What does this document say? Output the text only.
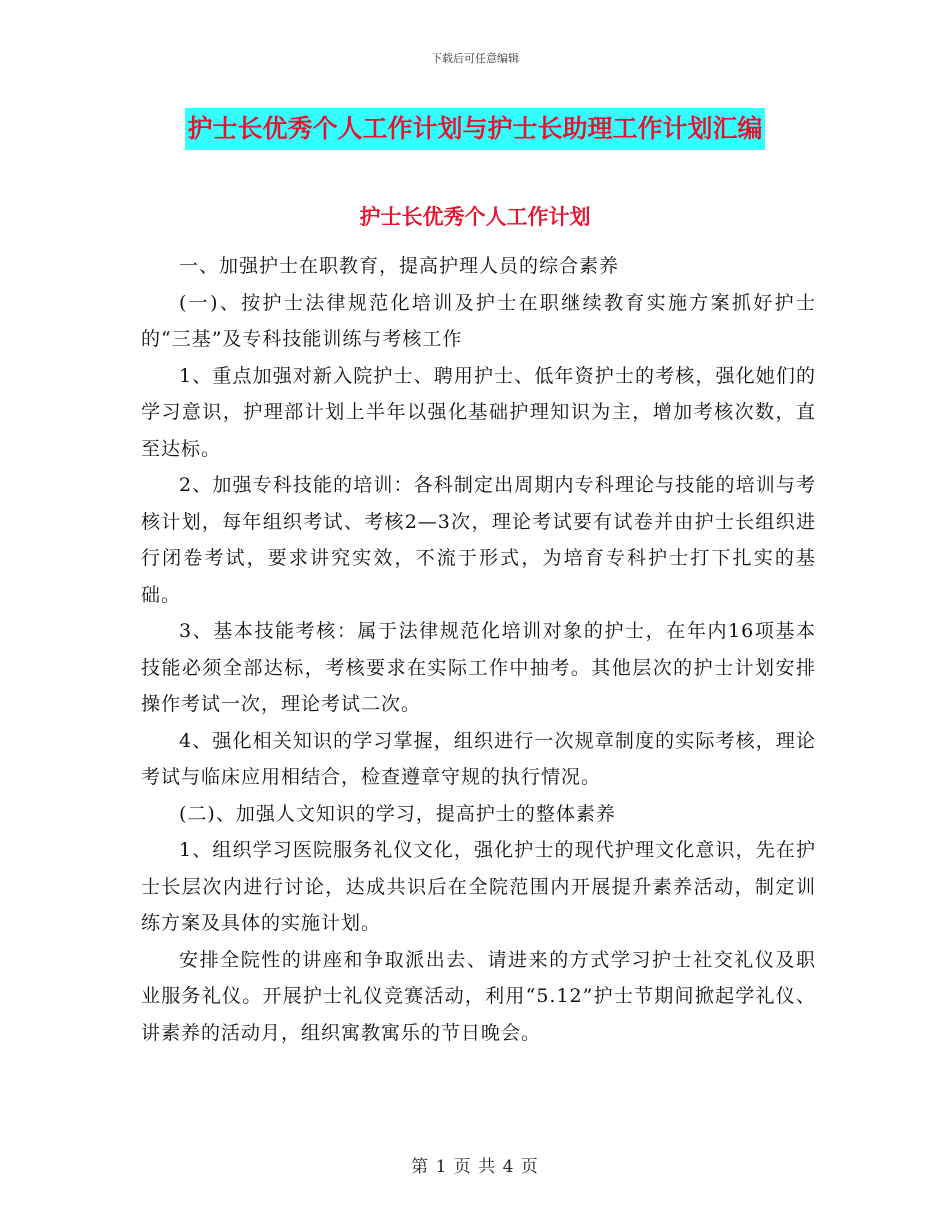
下载后可任意编辑
护士长优秀个人工作计划与护士长助理工作计划汇编
护士长优秀个人工作计划

一、加强护士在职教育，提高护理人员的综合素养

(一)、按护士法律规范化培训及护士在职继续教育实施方案抓好护士的“三基”及专科技能训练与考核工作

1、重点加强对新入院护士、聘用护士、低年资护士的考核，强化她们的学习意识，护理部计划上半年以强化基础护理知识为主，增加考核次数，直至达标。

2、加强专科技能的培训：各科制定出周期内专科理论与技能的培训与考核计划，每年组织考试、考核2—3次，理论考试要有试卷并由护士长组织进行闭卷考试，要求讲究实效，不流于形式，为培育专科护士打下扎实的基础。

3、基本技能考核：属于法律规范化培训对象的护士，在年内16项基本技能必须全部达标，考核要求在实际工作中抽考。其他层次的护士计划安排操作考试一次，理论考试二次。

4、强化相关知识的学习掌握，组织进行一次规章制度的实际考核，理论考试与临床应用相结合，检查遵章守规的执行情况。

(二)、加强人文知识的学习，提高护士的整体素养

1、组织学习医院服务礼仪文化，强化护士的现代护理文化意识，先在护士长层次内进行讨论，达成共识后在全院范围内开展提升素养活动，制定训练方案及具体的实施计划。

安排全院性的讲座和争取派出去、请进来的方式学习护士社交礼仪及职业服务礼仪。开展护士礼仪竞赛活动，利用“5.12”护士节期间掀起学礼仪、讲素养的活动月，组织寓教寓乐的节日晚会。

第 1 页 共 4 页
